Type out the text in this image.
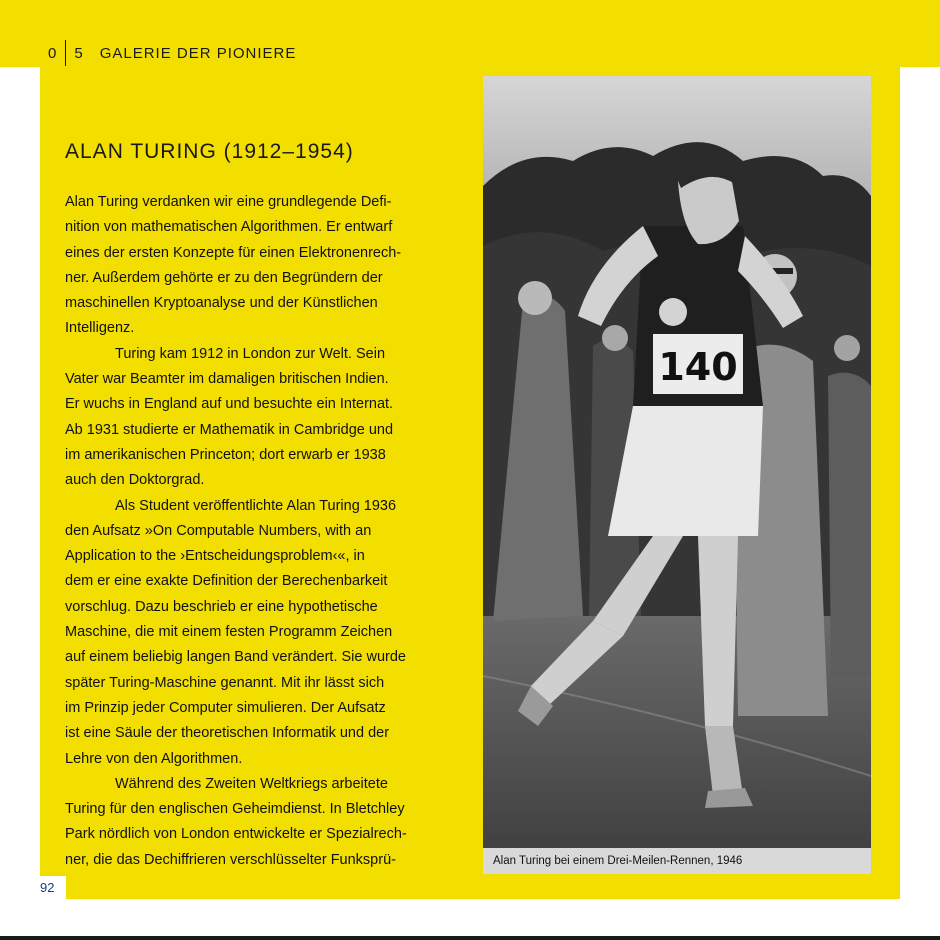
0 5 GALERIE DER PIONIERE
ALAN TURING (1912–1954)
Alan Turing verdanken wir eine grundlegende Defi-
nition von mathematischen Algorithmen. Er entwarf
eines der ersten Konzepte für einen Elektronenrech-
ner. Außerdem gehörte er zu den Begründern der
maschinellen Kryptoanalyse und der Künstlichen
Intelligenz.
Turing kam 1912 in London zur Welt. Sein
Vater war Beamter im damaligen britischen Indien.
Er wuchs in England auf und besuchte ein Internat.
Ab 1931 studierte er Mathematik in Cambridge und
im amerikanischen Princeton; dort erwarb er 1938
auch den Doktorgrad.
Als Student veröffentlichte Alan Turing 1936
den Aufsatz »On Computable Numbers, with an
Application to the ›Entscheidungsproblem‹«, in
dem er eine exakte Definition der Berechenbarkeit
vorschlug. Dazu beschrieb er eine hypothetische
Maschine, die mit einem festen Programm Zeichen
auf einem beliebig langen Band verändert. Sie wurde
später Turing-Maschine genannt. Mit ihr lässt sich
im Prinzip jeder Computer simulieren. Der Aufsatz
ist eine Säule der theoretischen Informatik und der
Lehre von den Algorithmen.
Während des Zweiten Weltkriegs arbeitete
Turing für den englischen Geheimdienst. In Bletchley
Park nördlich von London entwickelte er Spezialrech-
ner, die das Dechiffrieren verschlüsselter Funksprü-
140
Alan Turing bei einem Drei-Meilen-Rennen, 1946
92
